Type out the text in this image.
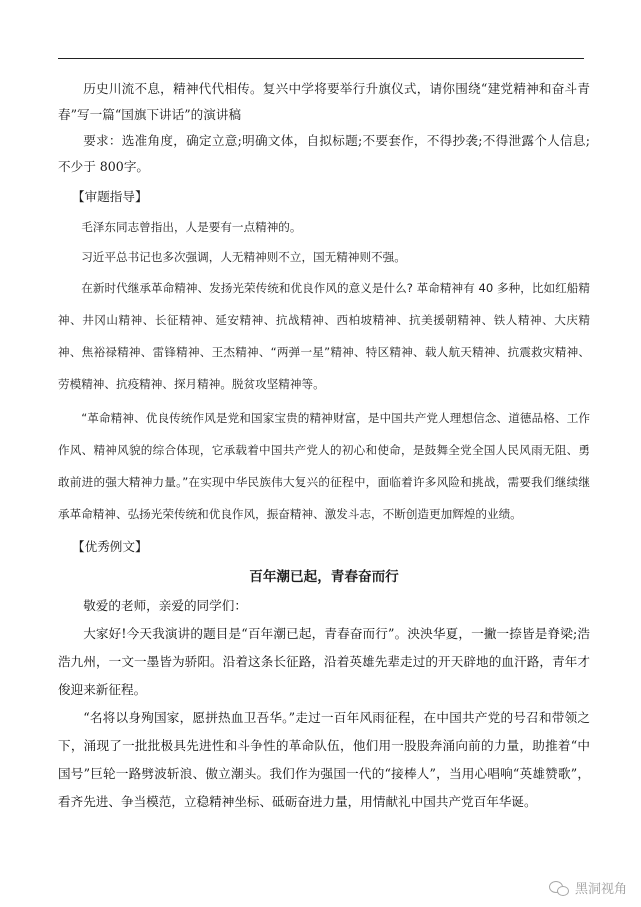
历史川流不息，精神代代相传。复兴中学将要举行升旗仪式，请你围绕“建党精神和奋斗青春”写一篇“国旗下讲话”的演讲稿

要求：选准角度，确定立意;明确文体，自拟标题;不要套作，不得抄袭;不得泄露个人信息;不少于 800字。

【审题指导】

毛泽东同志曾指出，人是要有一点精神的。

习近平总书记也多次强调，人无精神则不立，国无精神则不强。

在新时代继承革命精神、发扬光荣传统和优良作风的意义是什么? 革命精神有 40 多种，比如红船精神、井冈山精神、长征精神、延安精神、抗战精神、西柏坡精神、抗美援朝精神、铁人精神、大庆精神、焦裕禄精神、雷锋精神、王杰精神、“两弹一星”精神、特区精神、载人航天精神、抗震救灾精神、劳模精神、抗疫精神、探月精神。脱贫攻坚精神等。

“革命精神、优良传统作风是党和国家宝贵的精神财富，是中国共产党人理想信念、道德品格、工作作风、精神风貌的综合体现，它承载着中国共产党人的初心和使命，是鼓舞全党全国人民风雨无阻、勇敢前进的强大精神力量。”在实现中华民族伟大复兴的征程中，面临着许多风险和挑战，需要我们继续继承革命精神、弘扬光荣传统和优良作风，振奋精神、激发斗志，不断创造更加辉煌的业绩。

【优秀例文】

百年潮已起，青春奋而行

敬爱的老师，亲爱的同学们：

大家好!今天我演讲的题目是“百年潮已起，青春奋而行”。泱泱华夏，一撇一捺皆是脊梁;浩浩九州，一文一墨皆为骄阳。沿着这条长征路，沿着英雄先辈走过的开天辟地的血汗路，青年才俊迎来新征程。

“名将以身殉国家，愿拼热血卫吾华。”走过一百年风雨征程，在中国共产党的号召和带领之下，涌现了一批批极具先进性和斗争性的革命队伍，他们用一股股奔涌向前的力量，助推着“中国号”巨轮一路劈波斩浪、傲立潮头。我们作为强国一代的“接棒人”，当用心唱响“英雄赞歌”，看齐先进、争当模范，立稳精神坐标、砥砺奋进力量，用情献礼中国共产党百年华诞。

黑洞视角
